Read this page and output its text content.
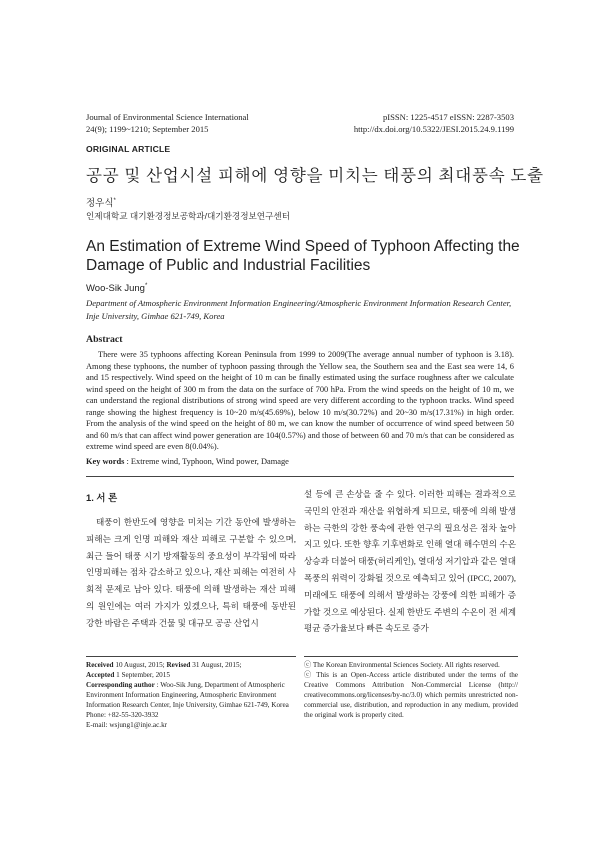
Journal of Environmental Science International
24(9); 1199~1210; September 2015
pISSN: 1225-4517 eISSN: 2287-3503
http://dx.doi.org/10.5322/JESI.2015.24.9.1199
ORIGINAL ARTICLE
공공 및 산업시설 피해에 영향을 미치는 태풍의 최대풍속 도출
정우식*
인제대학교 대기환경정보공학과/대기환경정보연구센터
An Estimation of Extreme Wind Speed of Typhoon Affecting the Damage of Public and Industrial Facilities
Woo-Sik Jung*
Department of Atmospheric Environment Information Engineering/Atmospheric Environment Information Research Center, Inje University, Gimhae 621-749, Korea
Abstract
There were 35 typhoons affecting Korean Peninsula from 1999 to 2009(The average annual number of typhoon is 3.18). Among these typhoons, the number of typhoon passing through the Yellow sea, the Southern sea and the East sea were 14, 6 and 15 respectively. Wind speed on the height of 10 m can be finally estimated using the surface roughness after we calculate wind speed on the height of 300 m from the data on the surface of 700 hPa. From the wind speeds on the height of 10 m, we can understand the regional distributions of strong wind speed are very different according to the typhoon tracks. Wind speed range showing the highest frequency is 10~20 m/s(45.69%), below 10 m/s(30.72%) and 20~30 m/s(17.31%) in high order. From the analysis of the wind speed on the height of 80 m, we can know the number of occurrence of wind speed between 50 and 60 m/s that can affect wind power generation are 104(0.57%) and those of between 60 and 70 m/s that can be considered as extreme wind speed are even 8(0.04%).
Key words : Extreme wind, Typhoon, Wind power, Damage
1. 서 론
태풍이 한반도에 영향을 미치는 기간 동안에 발생하는 피해는 크게 인명 피해와 재산 피해로 구분할 수 있으며, 최근 들어 태풍 시기 방재활동의 중요성이 부각됨에 따라 인명피해는 점차 감소하고 있으나, 재산 피해는 여전히 사회적 문제로 남아 있다. 태풍에 의해 발생하는 재산 피해의 원인에는 여러 가지가 있겠으나, 특히 태풍에 동반된 강한 바람은 주택과 건물 및 대규모 공공 산업시
설 등에 큰 손상을 줄 수 있다. 이러한 피해는 결과적으로 국민의 안전과 재산을 위협하게 되므로, 태풍에 의해 발생하는 극한의 강한 풍속에 관한 연구의 필요성은 점차 높아지고 있다. 또한 향후 기후변화로 인해 열대 해수면의 수온상승과 더불어 태풍(허리케인), 열대성 저기압과 같은 열대 폭풍의 위력이 강화될 것으로 예측되고 있어 (IPCC, 2007), 미래에도 태풍에 의해서 발생하는 강풍에 의한 피해가 증가할 것으로 예상된다. 실제 한반도 주변의 수온이 전 세계 평균 증가율보다 빠른 속도로 증가
Received 10 August, 2015; Revised 31 August, 2015;
Accepted 1 September, 2015
Corresponding author : Woo-Sik Jung, Department of Atmospheric Environment Information Engineering, Atmospheric Environment Information Research Center, Inje University, Gimhae 621-749, Korea
Phone: +82-55-320-3932
E-mail: wsjung1@inje.ac.kr
ⓒ The Korean Environmental Sciences Society. All rights reserved.
ⓒ This is an Open-Access article distributed under the terms of the Creative Commons Attribution Non-Commercial License (http:// creativecommons.org/licenses/by-nc/3.0) which permits unrestricted non-commercial use, distribution, and reproduction in any medium, provided the original work is properly cited.
